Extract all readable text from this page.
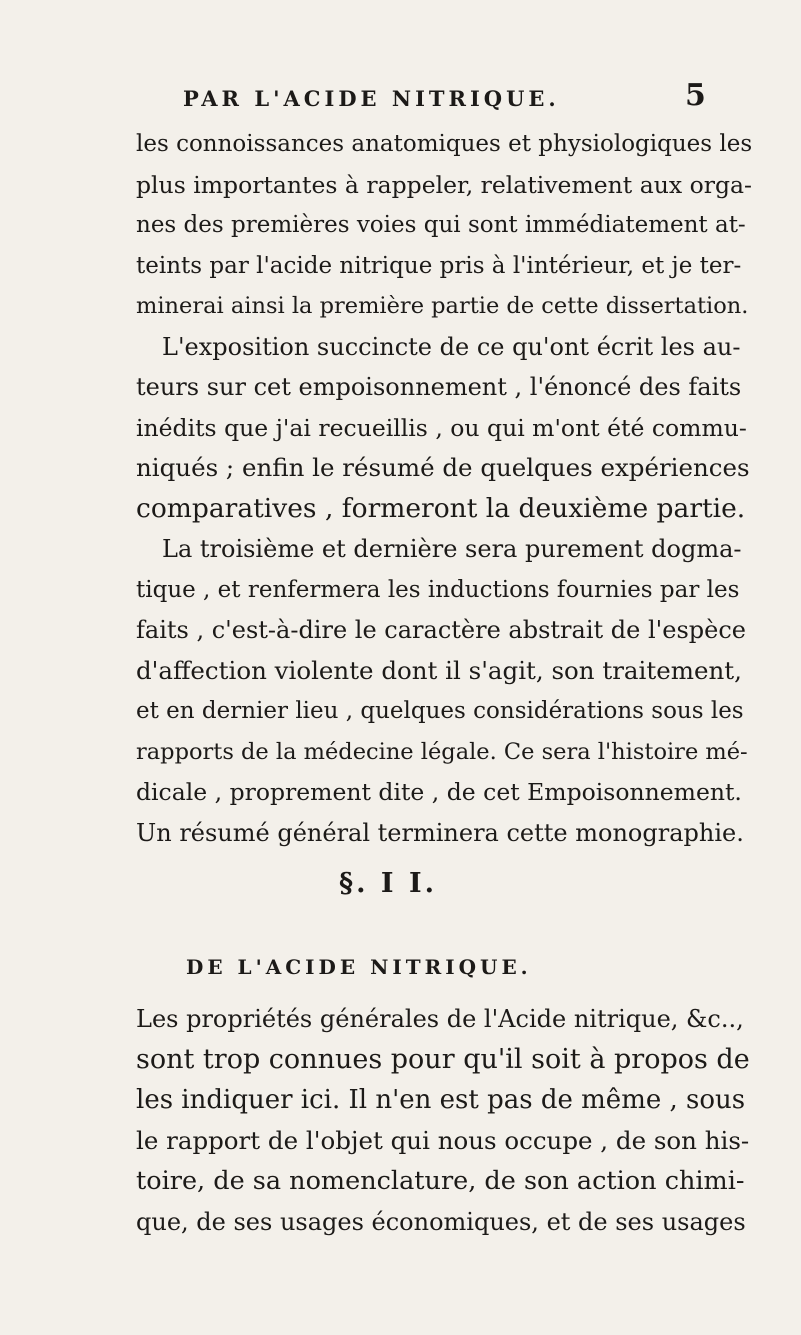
PAR L'ACIDE NITRIQUE.	5
les connoissances anatomiques et physiologiques les
plus importantes à rappeler, relativement aux orga-
nes des premières voies qui sont immédiatement at-
teints par l'acide nitrique pris à l'intérieur, et je ter-
minerai ainsi la première partie de cette dissertation.
L'exposition succincte de ce qu'ont écrit les au-
teurs sur cet empoisonnement , l'énoncé des faits
inédits que j'ai recueillis , ou qui m'ont été commu-
niqués ; enfin le résumé de quelques expériences
comparatives , formeront la deuxième partie.
La troisième et dernière sera purement dogma-
tique , et renfermera les inductions fournies par les
faits , c'est-à-dire le caractère abstrait de l'espèce
d'affection violente dont il s'agit, son traitement,
et en dernier lieu , quelques considérations sous les
rapports de la médecine légale. Ce sera l'histoire mé-
dicale , proprement dite , de cet Empoisonnement.
Un résumé général terminera cette monographie.
§. I I.
DE L'ACIDE NITRIQUE.
Les propriétés générales de l'Acide nitrique, &c..,
sont trop connues pour qu'il soit à propos de
les indiquer ici. Il n'en est pas de même , sous
le rapport de l'objet qui nous occupe , de son his-
toire, de sa nomenclature, de son action chimi-
que, de ses usages économiques, et de ses usages
